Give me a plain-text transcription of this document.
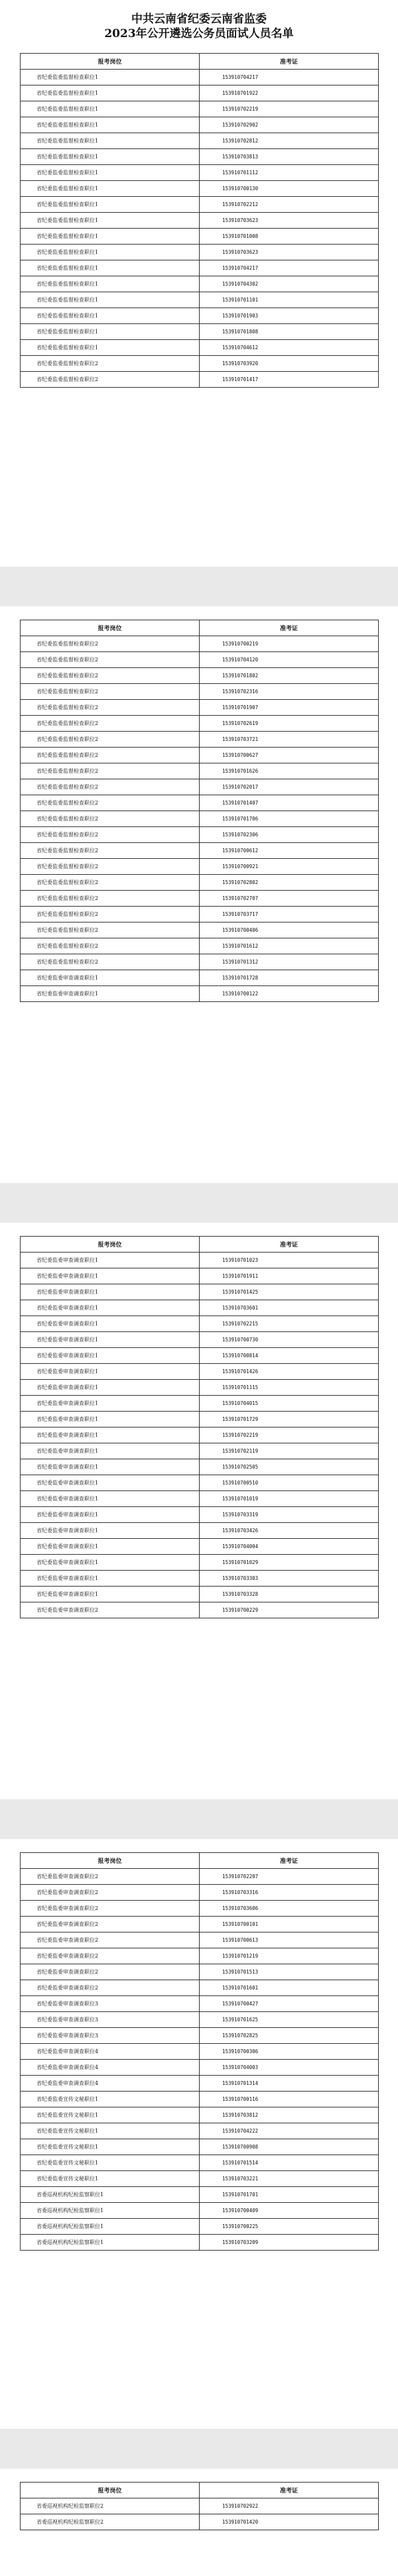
中共云南省纪委云南省监委
2023年公开遴选公务员面试人员名单
报考岗位	准考证
省纪委监委监督检查职位1	153910704217
省纪委监委监督检查职位1	153910701922
省纪委监委监督检查职位1	153910702219
省纪委监委监督检查职位1	153910702902
省纪委监委监督检查职位1	153910702812
省纪委监委监督检查职位1	153910703813
省纪委监委监督检查职位1	153910701112
省纪委监委监督检查职位1	153910700130
省纪委监委监督检查职位1	153910702212
省纪委监委监督检查职位1	153910703623
省纪委监委监督检查职位1	153910701008
省纪委监委监督检查职位1	153910703623
省纪委监委监督检查职位1	153910704217
省纪委监委监督检查职位1	153910704302
省纪委监委监督检查职位1	153910701101
省纪委监委监督检查职位1	153910701903
省纪委监委监督检查职位1	153910701808
省纪委监委监督检查职位1	153910704612
省纪委监委监督检查职位2	153910703920
省纪委监委监督检查职位2	153910701417
报考岗位	准考证
省纪委监委监督检查职位2	153910700219
省纪委监委监督检查职位2	153910704120
省纪委监委监督检查职位2	153910701802
省纪委监委监督检查职位2	153910702316
省纪委监委监督检查职位2	153910701907
省纪委监委监督检查职位2	153910702619
省纪委监委监督检查职位2	153910703721
省纪委监委监督检查职位2	153910700627
省纪委监委监督检查职位2	153910701626
省纪委监委监督检查职位2	153910702017
省纪委监委监督检查职位2	153910701407
省纪委监委监督检查职位2	153910701706
省纪委监委监督检查职位2	153910702306
省纪委监委监督检查职位2	153910700612
省纪委监委监督检查职位2	153910700921
省纪委监委监督检查职位2	153910702802
省纪委监委监督检查职位2	153910702707
省纪委监委监督检查职位2	153910703717
省纪委监委监督检查职位2	153910700406
省纪委监委监督检查职位2	153910701612
省纪委监委监督检查职位2	153910701312
省纪委监委审查调查职位1	153910701728
省纪委监委审查调查职位1	153910700122
报考岗位	准考证
省纪委监委审查调查职位1	153910701023
省纪委监委审查调查职位1	153910701911
省纪委监委审查调查职位1	153910701425
省纪委监委审查调查职位1	153910703601
省纪委监委审查调查职位1	153910702215
省纪委监委审查调查职位1	153910700730
省纪委监委审查调查职位1	153910700814
省纪委监委审查调查职位1	153910701426
省纪委监委审查调查职位1	153910701115
省纪委监委审查调查职位1	153910704015
省纪委监委审查调查职位1	153910701729
省纪委监委审查调查职位1	153910702219
省纪委监委审查调查职位1	153910702119
省纪委监委审查调查职位1	153910702505
省纪委监委审查调查职位1	153910700510
省纪委监委审查调查职位1	153910701019
省纪委监委审查调查职位1	153910703319
省纪委监委审查调查职位1	153910703426
省纪委监委审查调查职位1	153910704004
省纪委监委审查调查职位1	153910701029
省纪委监委审查调查职位1	153910703303
省纪委监委审查调查职位1	153910703328
省纪委监委审查调查职位2	153910700229
报考岗位	准考证
省纪委监委审查调查职位2	153910702207
省纪委监委审查调查职位2	153910703316
省纪委监委审查调查职位2	153910703606
省纪委监委审查调查职位2	153910700101
省纪委监委审查调查职位2	153910700613
省纪委监委审查调查职位2	153910701219
省纪委监委审查调查职位2	153910701513
省纪委监委审查调查职位2	153910701601
省纪委监委审查调查职位3	153910700427
省纪委监委审查调查职位3	153910701625
省纪委监委审查调查职位3	153910702825
省纪委监委审查调查职位4	153910700306
省纪委监委审查调查职位4	153910704003
省纪委监委审查调查职位4	153910701314
省纪委监委宣传文秘职位1	153910700116
省纪委监委宣传文秘职位1	153910703812
省纪委监委宣传文秘职位1	153910704222
省纪委监委宣传文秘职位1	153910700908
省纪委监委宣传文秘职位1	153910701514
省纪委监委宣传文秘职位1	153910703221
省委巡视机构纪检监察职位1	153910701701
省委巡视机构纪检监察职位1	153910700409
省委巡视机构纪检监察职位1	153910700225
省委巡视机构纪检监察职位1	153910703209
报考岗位	准考证
省委巡视机构纪检监察职位2	153910702922
省委巡视机构纪检监察职位2	153910701420
